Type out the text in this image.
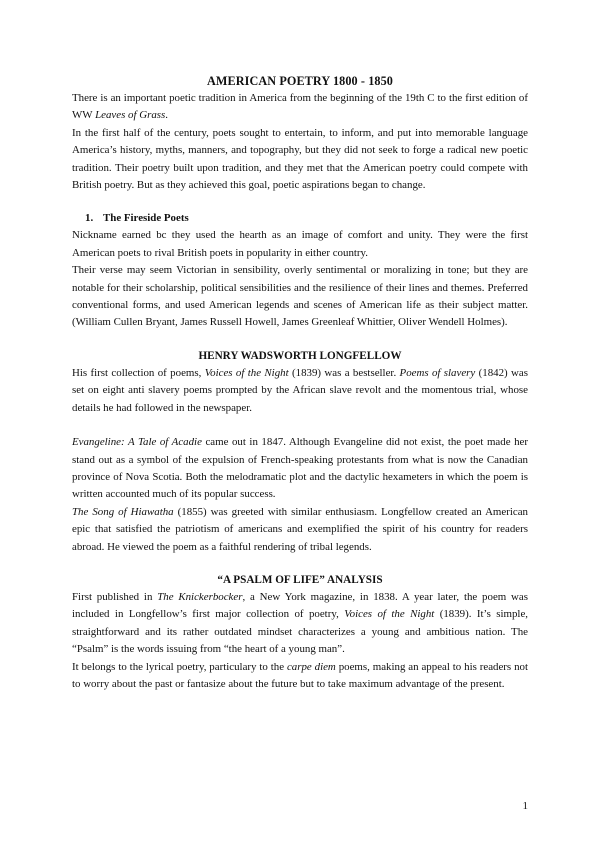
AMERICAN POETRY 1800 - 1850

There is an important poetic tradition in America from the beginning of the 19th C to the first edition of WW Leaves of Grass.

In the first half of the century, poets sought to entertain, to inform, and put into memorable language America’s history, myths, manners, and topography, but they did not seek to forge a radical new poetic tradition. Their poetry built upon tradition, and they met that the American poetry could compete with British poetry. But as they achieved this goal, poetic aspirations began to change.

1. The Fireside Poets

Nickname earned bc they used the hearth as an image of comfort and unity. They were the first American poets to rival British poets in popularity in either country.

Their verse may seem Victorian in sensibility, overly sentimental or moralizing in tone; but they are notable for their scholarship, political sensibilities and the resilience of their lines and themes. Preferred conventional forms, and used American legends and scenes of American life as their subject matter. (William Cullen Bryant, James Russell Howell, James Greenleaf Whittier, Oliver Wendell Holmes).

HENRY WADSWORTH LONGFELLOW

His first collection of poems, Voices of the Night (1839) was a bestseller. Poems of slavery (1842) was set on eight anti slavery poems prompted by the African slave revolt and the momentous trial, whose details he had followed in the newspaper.

Evangeline: A Tale of Acadie came out in 1847. Although Evangeline did not exist, the poet made her stand out as a symbol of the expulsion of French-speaking protestants from what is now the Canadian province of Nova Scotia. Both the melodramatic plot and the dactylic hexameters in which the poem is written accounted much of its popular success.

The Song of Hiawatha (1855) was greeted with similar enthusiasm. Longfellow created an American epic that satisfied the patriotism of americans and exemplified the spirit of his country for readers abroad. He viewed the poem as a faithful rendering of tribal legends.

“A PSALM OF LIFE” ANALYSIS

First published in The Knickerbocker, a New York magazine, in 1838. A year later, the poem was included in Longfellow’s first major collection of poetry, Voices of the Night (1839). It’s simple, straightforward and its rather outdated mindset characterizes a young and ambitious nation. The “Psalm” is the words issuing from “the heart of a young man”.

It belongs to the lyrical poetry, particulary to the carpe diem poems, making an appeal to his readers not to worry about the past or fantasize about the future but to take maximum advantage of the present.

1
